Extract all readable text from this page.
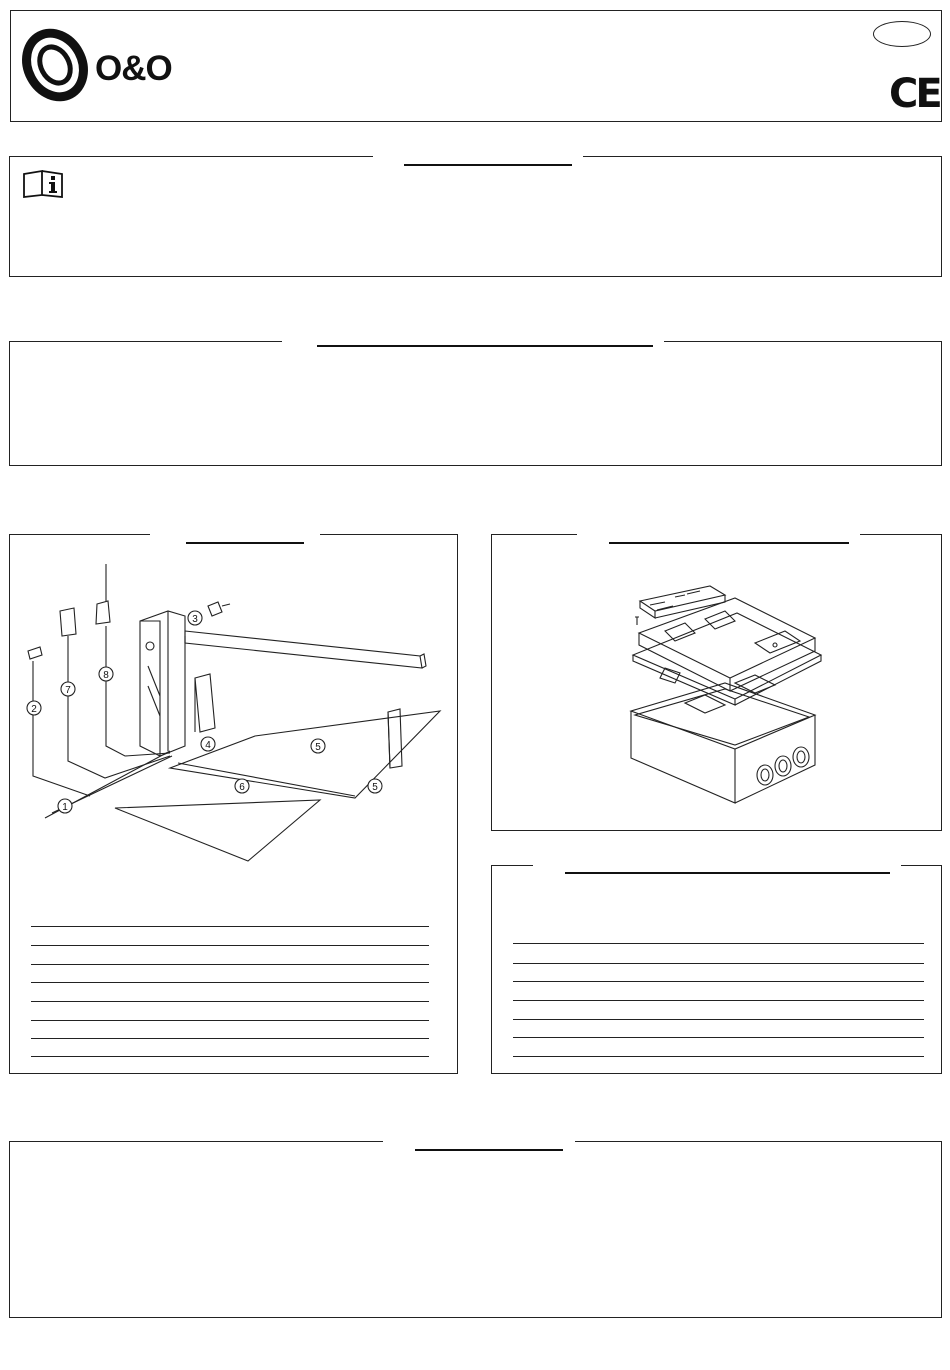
O&O
CE
1
2
3
4	5
5
6
7
8
